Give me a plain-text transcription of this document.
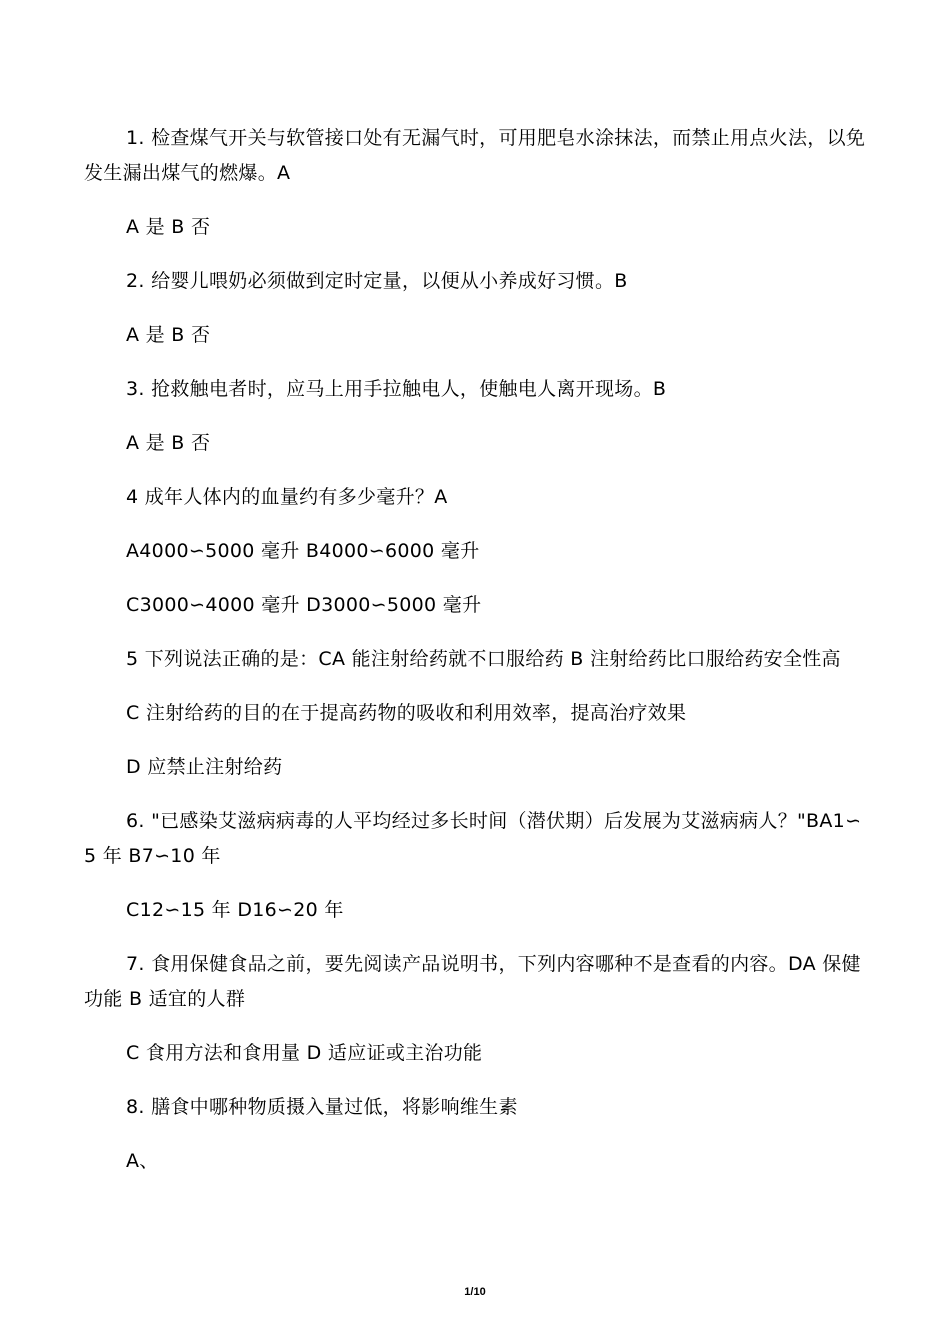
1. 检查煤气开关与软管接口处有无漏气时，可用肥皂水涂抹法，而禁止用点火法，以免发生漏出煤气的燃爆。A

A 是 B 否

2. 给婴儿喂奶必须做到定时定量，以便从小养成好习惯。B

A 是 B 否

3. 抢救触电者时，应马上用手拉触电人，使触电人离开现场。B

A 是 B 否

4 成年人体内的血量约有多少毫升？A

A4000∽5000 毫升 B4000∽6000 毫升

C3000∽4000 毫升 D3000∽5000 毫升

5 下列说法正确的是：CA 能注射给药就不口服给药 B 注射给药比口服给药安全性高

C 注射给药的目的在于提高药物的吸收和利用效率，提高治疗效果

D 应禁止注射给药

6. "已感染艾滋病病毒的人平均经过多长时间（潜伏期）后发展为艾滋病病人？"BA1∽5 年 B7∽10 年

C12∽15 年 D16∽20 年

7. 食用保健食品之前，要先阅读产品说明书，下列内容哪种不是查看的内容。DA 保健功能 B 适宜的人群

C 食用方法和食用量 D 适应证或主治功能

8. 膳食中哪种物质摄入量过低，将影响维生素

A、

1/10
